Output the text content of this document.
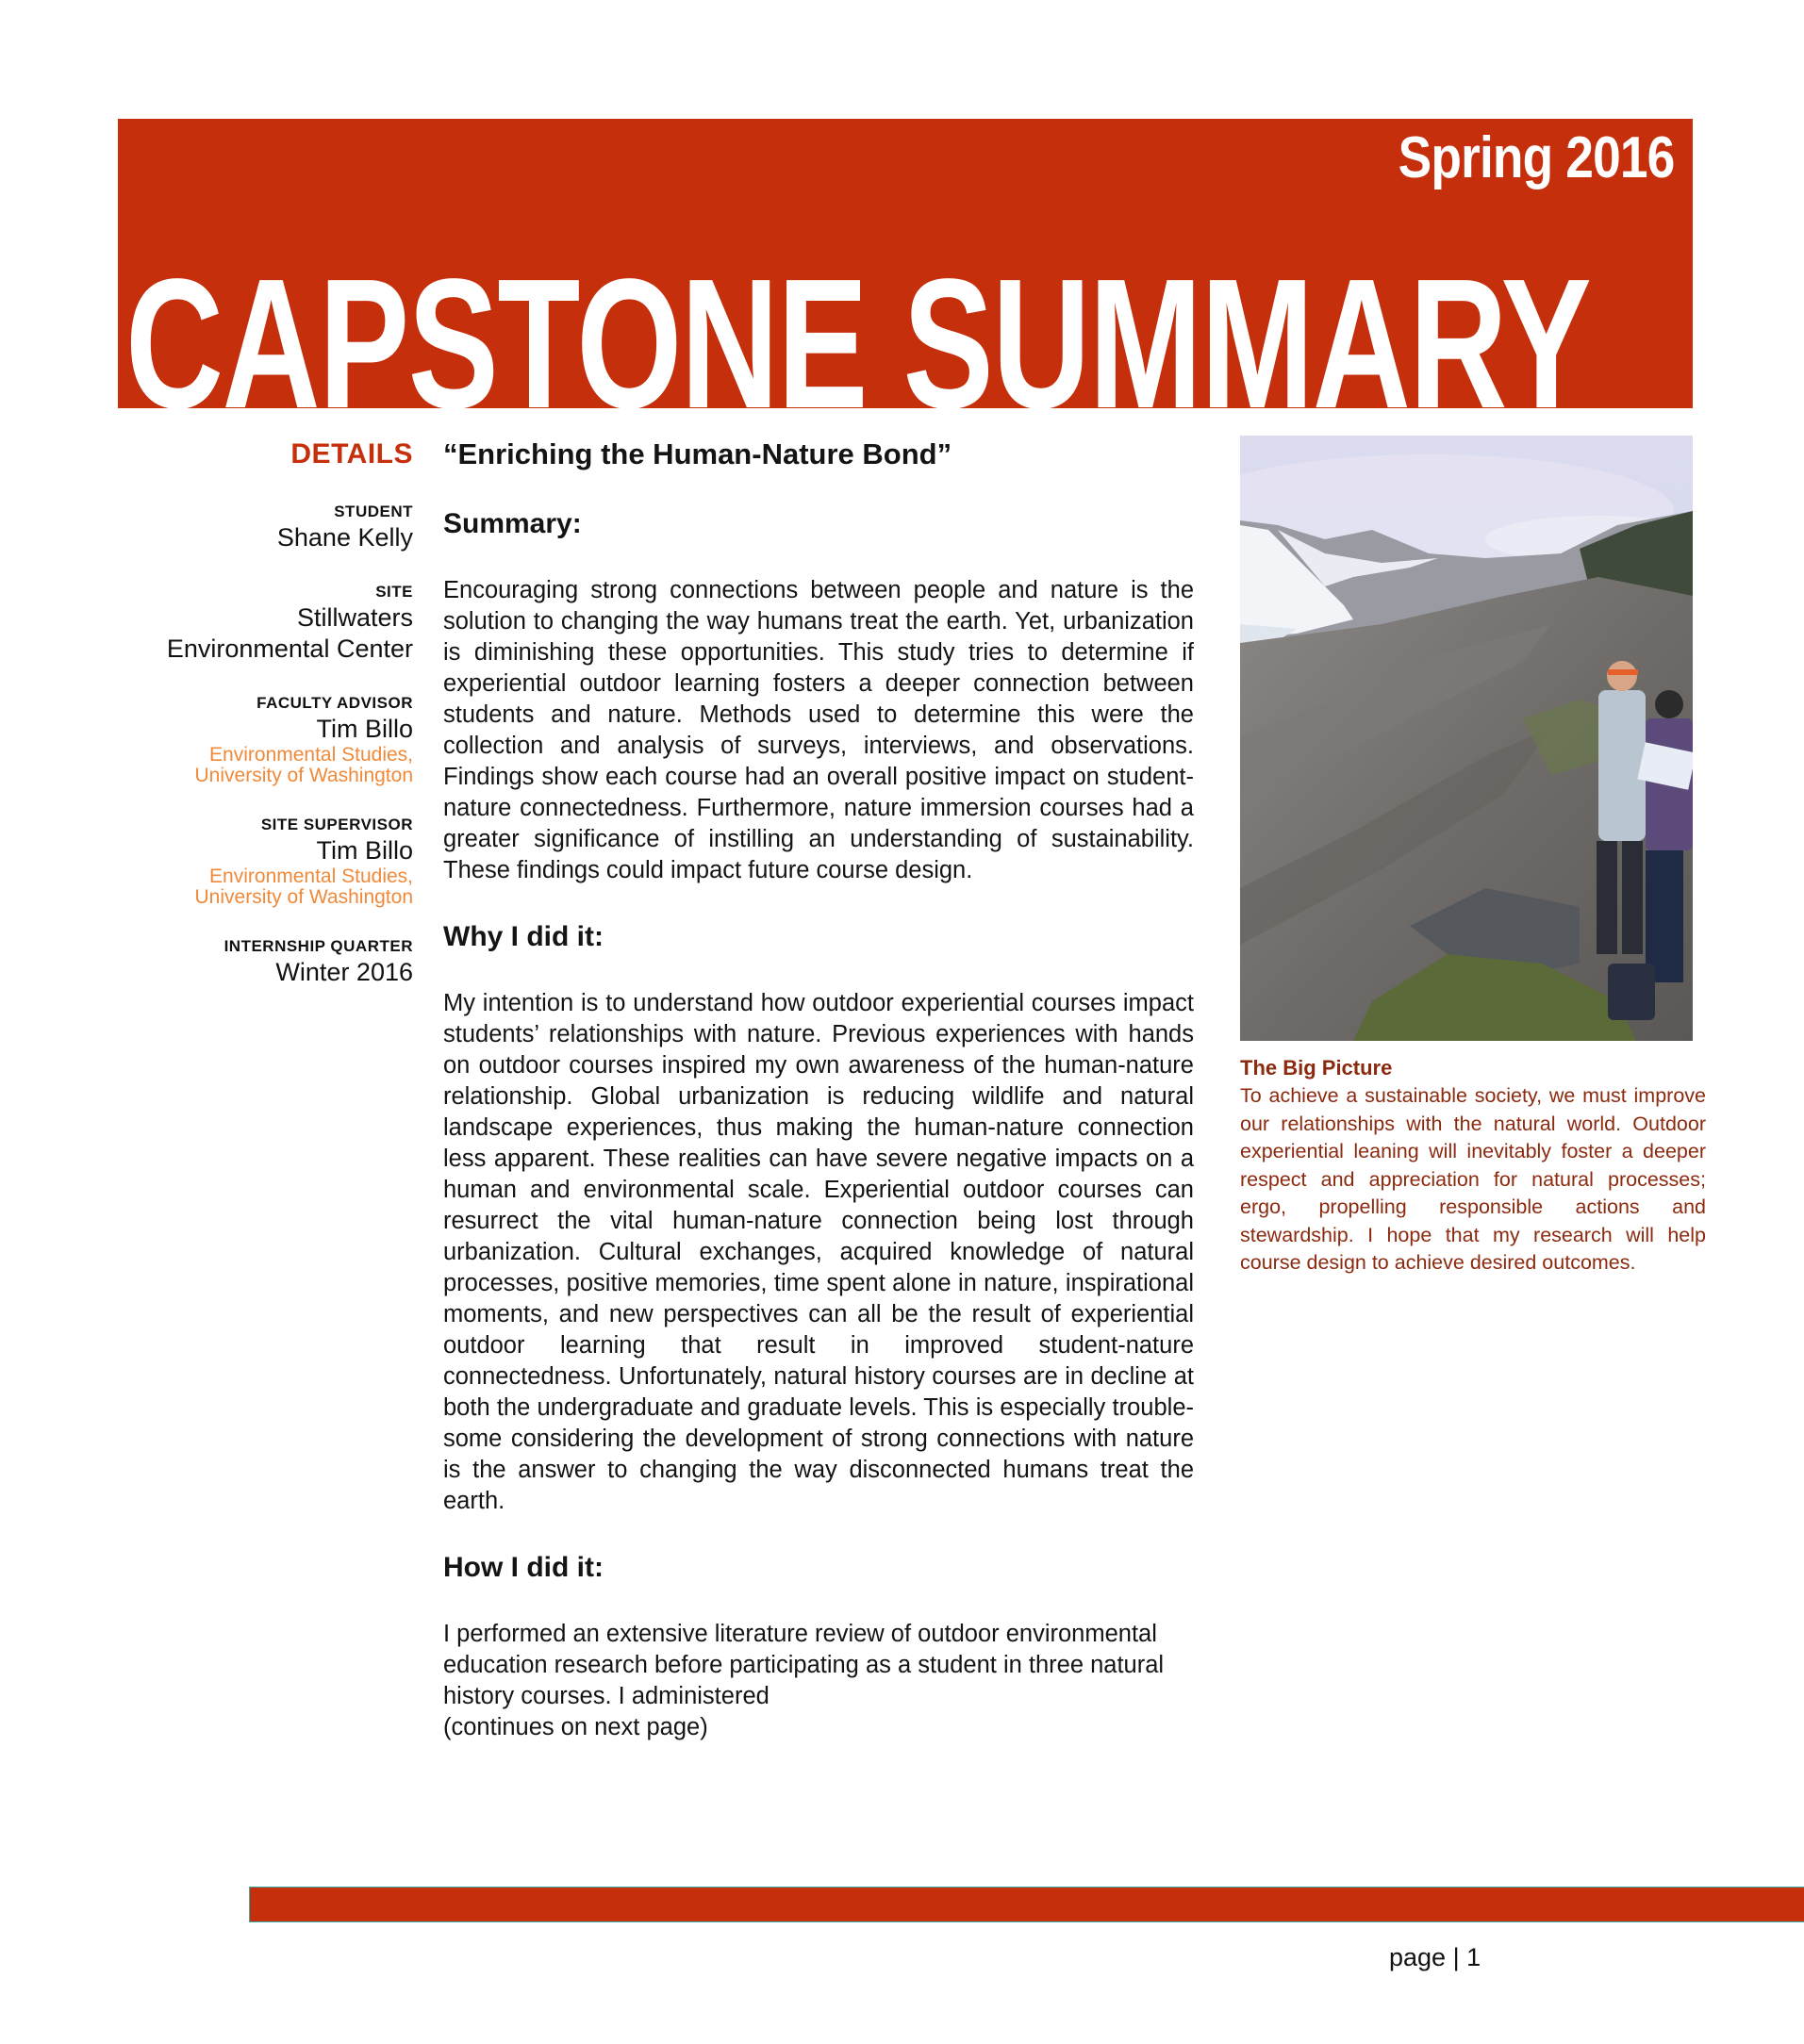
Spring 2016
CAPSTONE SUMMARY
DETAILS
STUDENT
Shane Kelly
SITE
Stillwaters Environmental Center
FACULTY ADVISOR
Tim Billo
Environmental Studies,
University of Washington
SITE SUPERVISOR
Tim Billo
Environmental Studies,
University of Washington
INTERNSHIP QUARTER
Winter 2016
“Enriching the Human-Nature Bond”
Summary:

Encouraging strong connections between people and nature is the solution to changing the way humans treat the earth. Yet, urbanization is diminishing these opportunities. This study tries to determine if experiential outdoor learning fosters a deeper connection between students and nature. Methods used to determine this were the collection and analysis of surveys, interviews, and observations. Findings show each course had an overall positive impact on student-nature connectedness. Furthermore, nature immersion courses had a greater significance of instilling an understanding of sustainability. These findings could impact future course design.

Why I did it:

My intention is to understand how outdoor experiential courses impact students’ relationships with nature. Previous experiences with hands on outdoor courses inspired my own awareness of the human-nature relationship. Global urbanization is reducing wildlife and natural landscape experiences, thus making the human-nature connection less apparent. These realities can have severe negative impacts on a human and environmental scale. Experiential outdoor courses can resurrect the vital human-nature connection being lost through urbanization. Cultural exchanges, acquired knowledge of natural processes, positive memories, time spent alone in nature, inspirational moments, and new perspectives can all be the result of experiential outdoor learning that result in improved student-nature connectedness. Unfortunately, natural history courses are in decline at both the undergraduate and graduate levels. This is especially troublesome considering the development of strong connections with nature is the answer to changing the way disconnected humans treat the earth.

How I did it:

I performed an extensive literature review of outdoor environmental education research before participating as a student in three natural history courses. I administered

(continues on next page)

The Big Picture
To achieve a sustainable society, we must improve our relationships with the natural world. Outdoor experiential leaning will inevitably foster a deeper respect and appreciation for natural processes; ergo, propelling responsible actions and stewardship. I hope that my research will help course design to achieve desired outcomes.
page | 1
